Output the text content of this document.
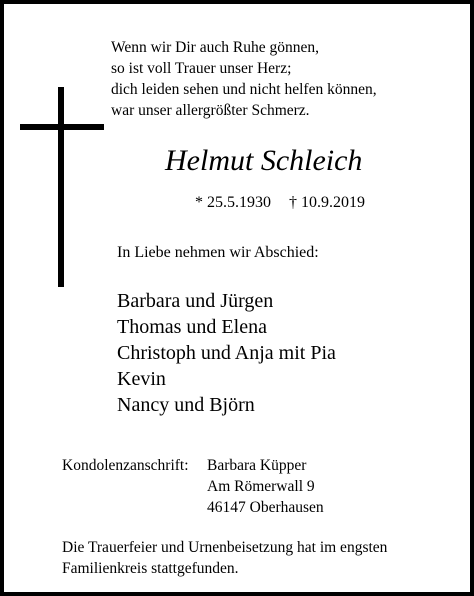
Wenn wir Dir auch Ruhe gönnen,
so ist voll Trauer unser Herz;
dich leiden sehen und nicht helfen können,
war unser allergrößter Schmerz.
Helmut Schleich
* 25.5.1930 † 10.9.2019
In Liebe nehmen wir Abschied:
Barbara und Jürgen
Thomas und Elena
Christoph und Anja mit Pia
Kevin
Nancy und Björn
Kondolenzanschrift: Barbara Küpper
Am Römerwall 9
46147 Oberhausen
Die Trauerfeier und Urnenbeisetzung hat im engsten
Familienkreis stattgefunden.
